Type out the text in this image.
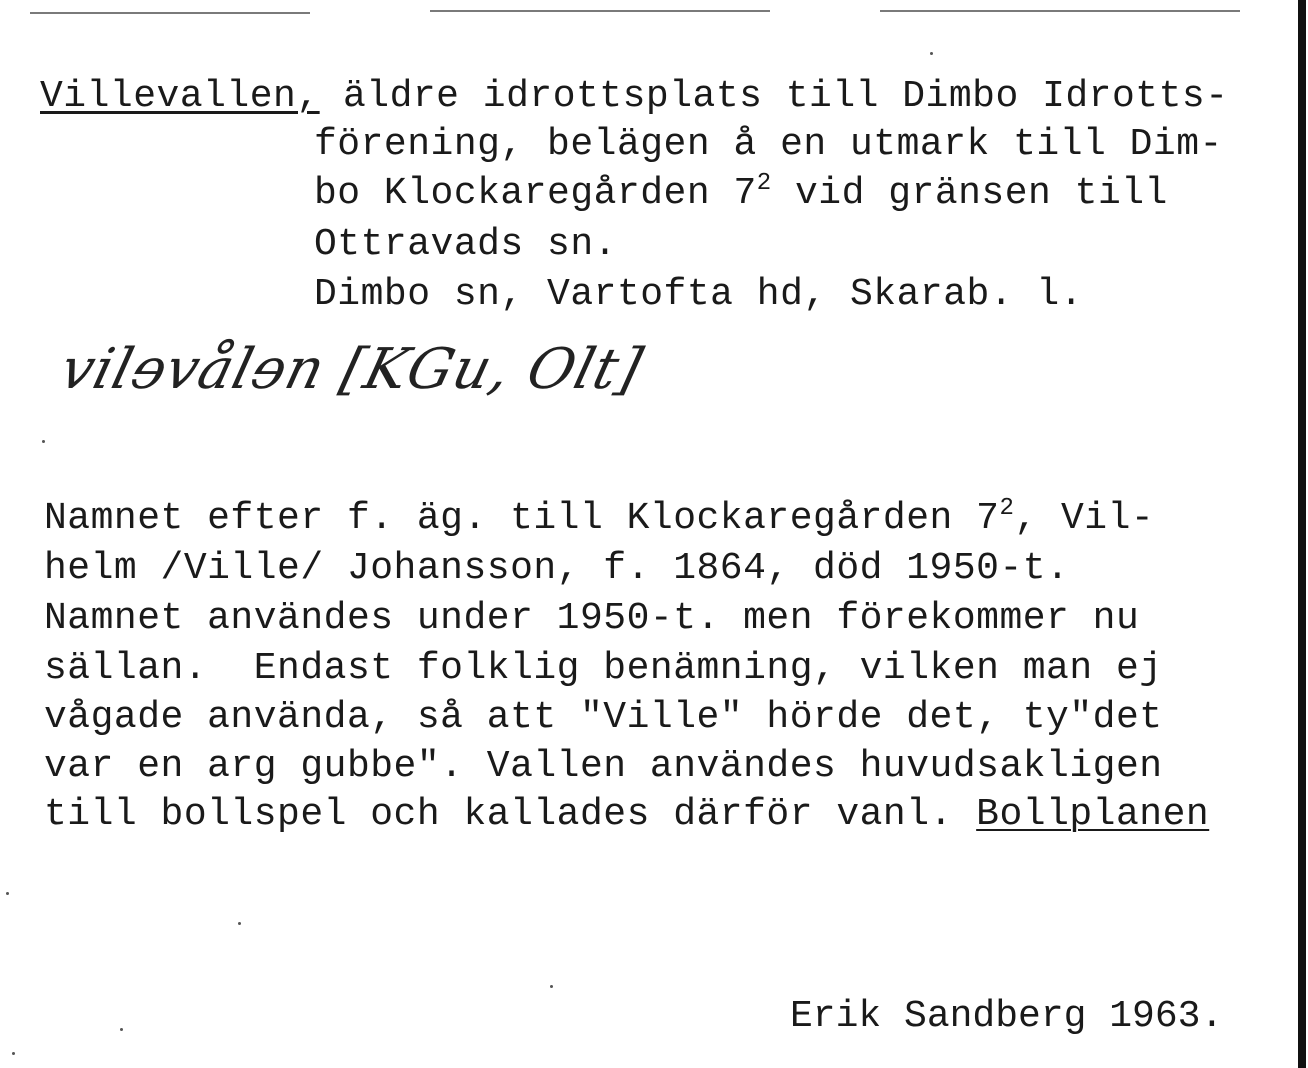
Villevallen, äldre idrottsplats till Dimbo Idrotts-
förening, belägen å en utmark till Dim-
bo Klockaregården $7^2$ vid gränsen till
Ottravads sn.
Dimbo sn, Vartofta hd, Skarab. l.
vilɘvålɘn [KGu, Olt]
Namnet efter f. äg. till Klockaregården $7^2$, Vil-
helm /Ville/ Johansson, f. 1864, död 1950-t.
Namnet användes under 1950-t. men förekommer nu
sällan.  Endast folklig benämning, vilken man ej
vågade använda, så att "Ville" hörde det, ty"det
var en arg gubbe". Vallen användes huvudsakligen
till bollspel och kallades därför vanl. Bollplanen
Erik Sandberg 1963.
